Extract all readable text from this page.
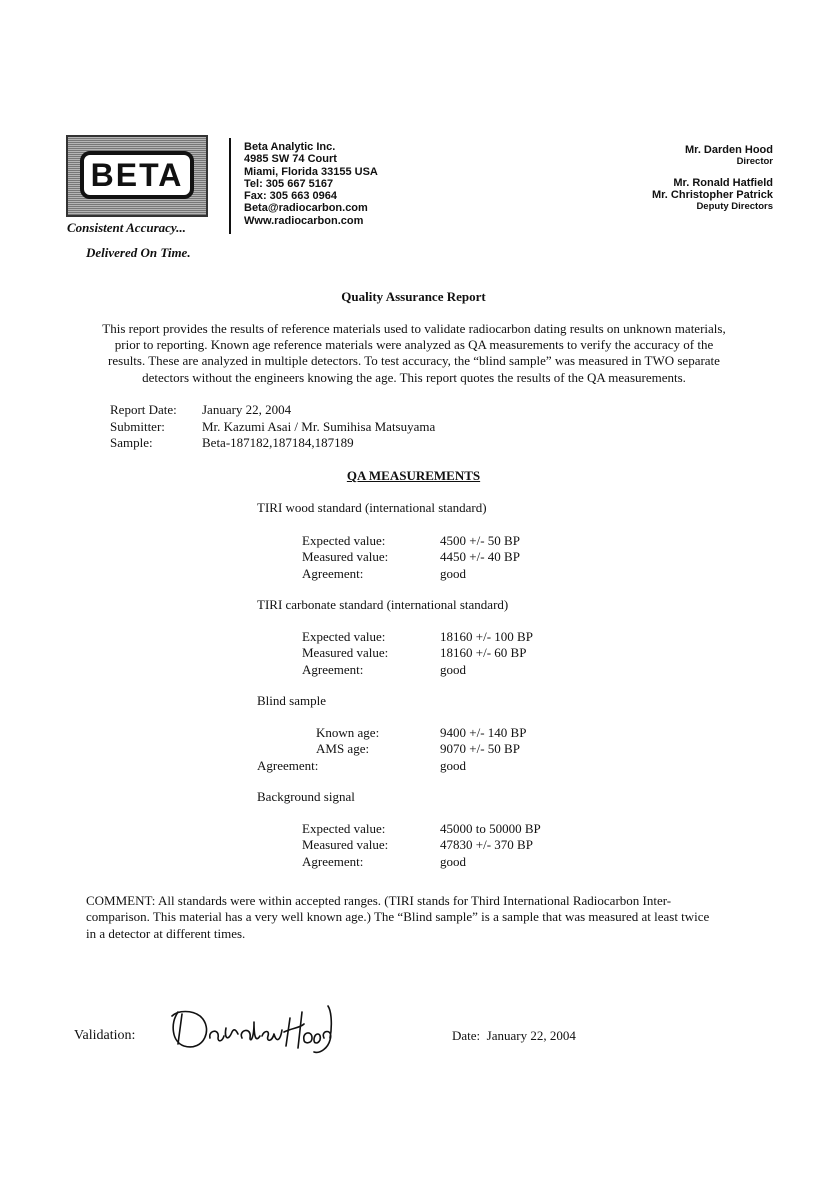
BETA
Consistent Accuracy...
Delivered On Time.
Beta Analytic Inc.
4985 SW 74 Court
Miami, Florida 33155 USA
Tel: 305 667 5167
Fax: 305 663 0964
Beta@radiocarbon.com
Www.radiocarbon.com
Mr. Darden Hood
Director
Mr. Ronald Hatfield
Mr. Christopher Patrick
Deputy Directors
Quality Assurance Report
This report provides the results of reference materials used to validate radiocarbon dating results on unknown materials,
prior to reporting. Known age reference materials were analyzed as QA measurements to verify the accuracy of the
results. These are analyzed in multiple detectors. To test accuracy, the “blind sample” was measured in TWO separate
detectors without the engineers knowing the age. This report quotes the results of the QA measurements.
Report Date:	January 22, 2004
Submitter:	Mr. Kazumi Asai / Mr. Sumihisa Matsuyama
Sample:	Beta-187182,187184,187189
QA MEASUREMENTS
TIRI wood standard (international standard)
Expected value:	4500 +/- 50 BP
Measured value:	4450 +/- 40 BP
Agreement:	good
TIRI carbonate standard (international standard)
Expected value:	18160 +/- 100 BP
Measured value:	18160 +/- 60 BP
Agreement:	good
Blind sample
Known age:	9400 +/- 140 BP
AMS age:	9070 +/- 50 BP
Agreement:	good
Background signal
Expected value:	45000 to 50000 BP
Measured value:	47830 +/- 370 BP
Agreement:	good
COMMENT: All standards were within accepted ranges. (TIRI stands for Third International Radiocarbon Inter-
comparison. This material has a very well known age.) The “Blind sample” is a sample that was measured at least twice
in a detector at different times.
Validation:	Date: January 22, 2004
